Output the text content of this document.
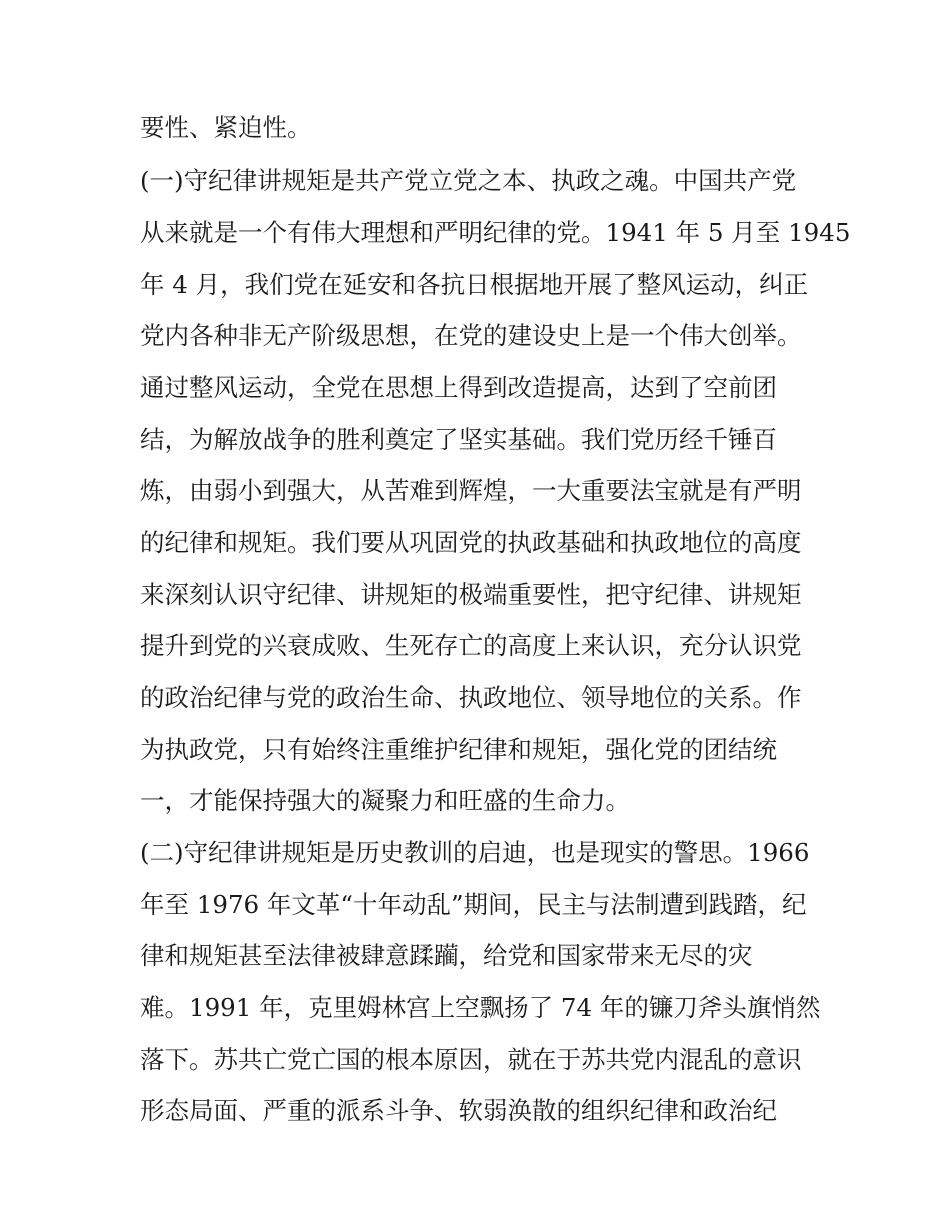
要性、紧迫性。
(一)守纪律讲规矩是共产党立党之本、执政之魂。中国共产党
从来就是一个有伟大理想和严明纪律的党。1941 年 5 月至 1945
年 4 月，我们党在延安和各抗日根据地开展了整风运动，纠正
党内各种非无产阶级思想，在党的建设史上是一个伟大创举。
通过整风运动，全党在思想上得到改造提高，达到了空前团
结，为解放战争的胜利奠定了坚实基础。我们党历经千锤百
炼，由弱小到强大，从苦难到辉煌，一大重要法宝就是有严明
的纪律和规矩。我们要从巩固党的执政基础和执政地位的高度
来深刻认识守纪律、讲规矩的极端重要性，把守纪律、讲规矩
提升到党的兴衰成败、生死存亡的高度上来认识，充分认识党
的政治纪律与党的政治生命、执政地位、领导地位的关系。作
为执政党，只有始终注重维护纪律和规矩，强化党的团结统
一，才能保持强大的凝聚力和旺盛的生命力。
(二)守纪律讲规矩是历史教训的启迪，也是现实的警思。1966
年至 1976 年文革“十年动乱”期间，民主与法制遭到践踏，纪
律和规矩甚至法律被肆意蹂躏，给党和国家带来无尽的灾
难。1991 年，克里姆林宫上空飘扬了 74 年的镰刀斧头旗悄然
落下。苏共亡党亡国的根本原因，就在于苏共党内混乱的意识
形态局面、严重的派系斗争、软弱涣散的组织纪律和政治纪
